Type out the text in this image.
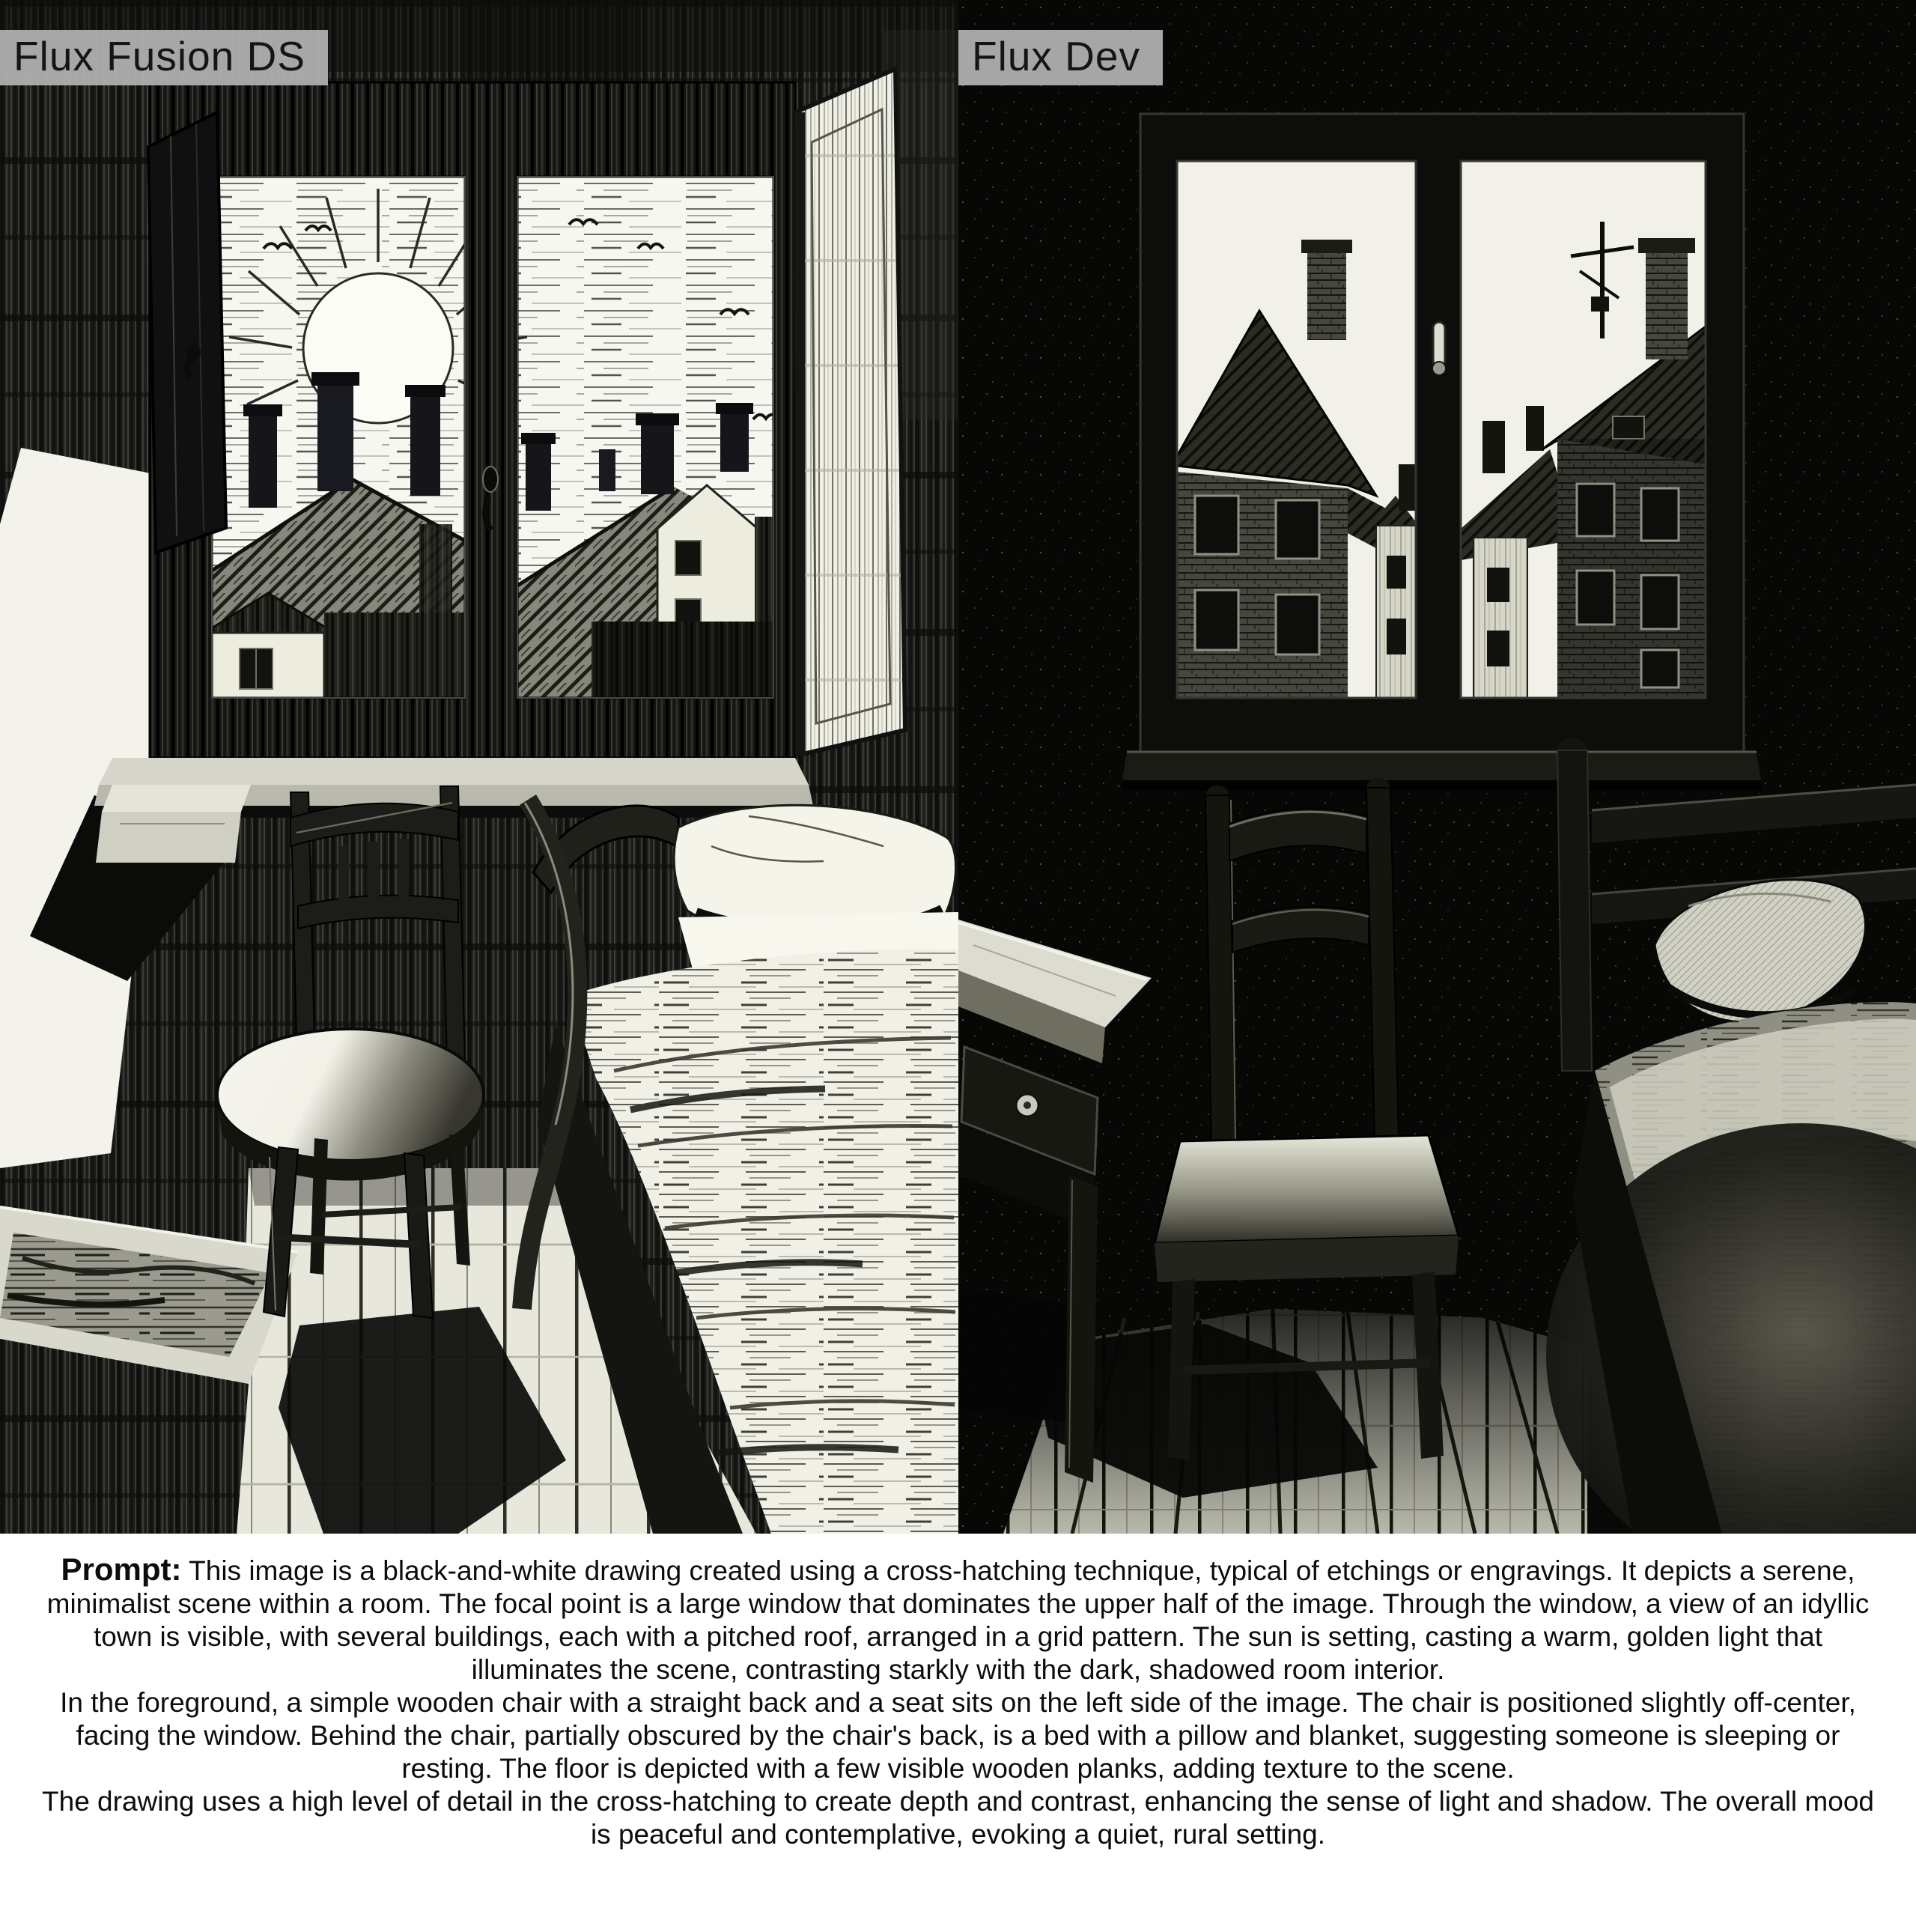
Flux Fusion DS	Flux Dev

Prompt: This image is a black-and-white drawing created using a cross-hatching technique, typical of etchings or engravings. It depicts a serene, minimalist scene within a room. The focal point is a large window that dominates the upper half of the image. Through the window, a view of an idyllic town is visible, with several buildings, each with a pitched roof, arranged in a grid pattern. The sun is setting, casting a warm, golden light that illuminates the scene, contrasting starkly with the dark, shadowed room interior.

In the foreground, a simple wooden chair with a straight back and a seat sits on the left side of the image. The chair is positioned slightly off-center, facing the window. Behind the chair, partially obscured by the chair's back, is a bed with a pillow and blanket, suggesting someone is sleeping or resting. The floor is depicted with a few visible wooden planks, adding texture to the scene.

The drawing uses a high level of detail in the cross-hatching to create depth and contrast, enhancing the sense of light and shadow. The overall mood is peaceful and contemplative, evoking a quiet, rural setting.
